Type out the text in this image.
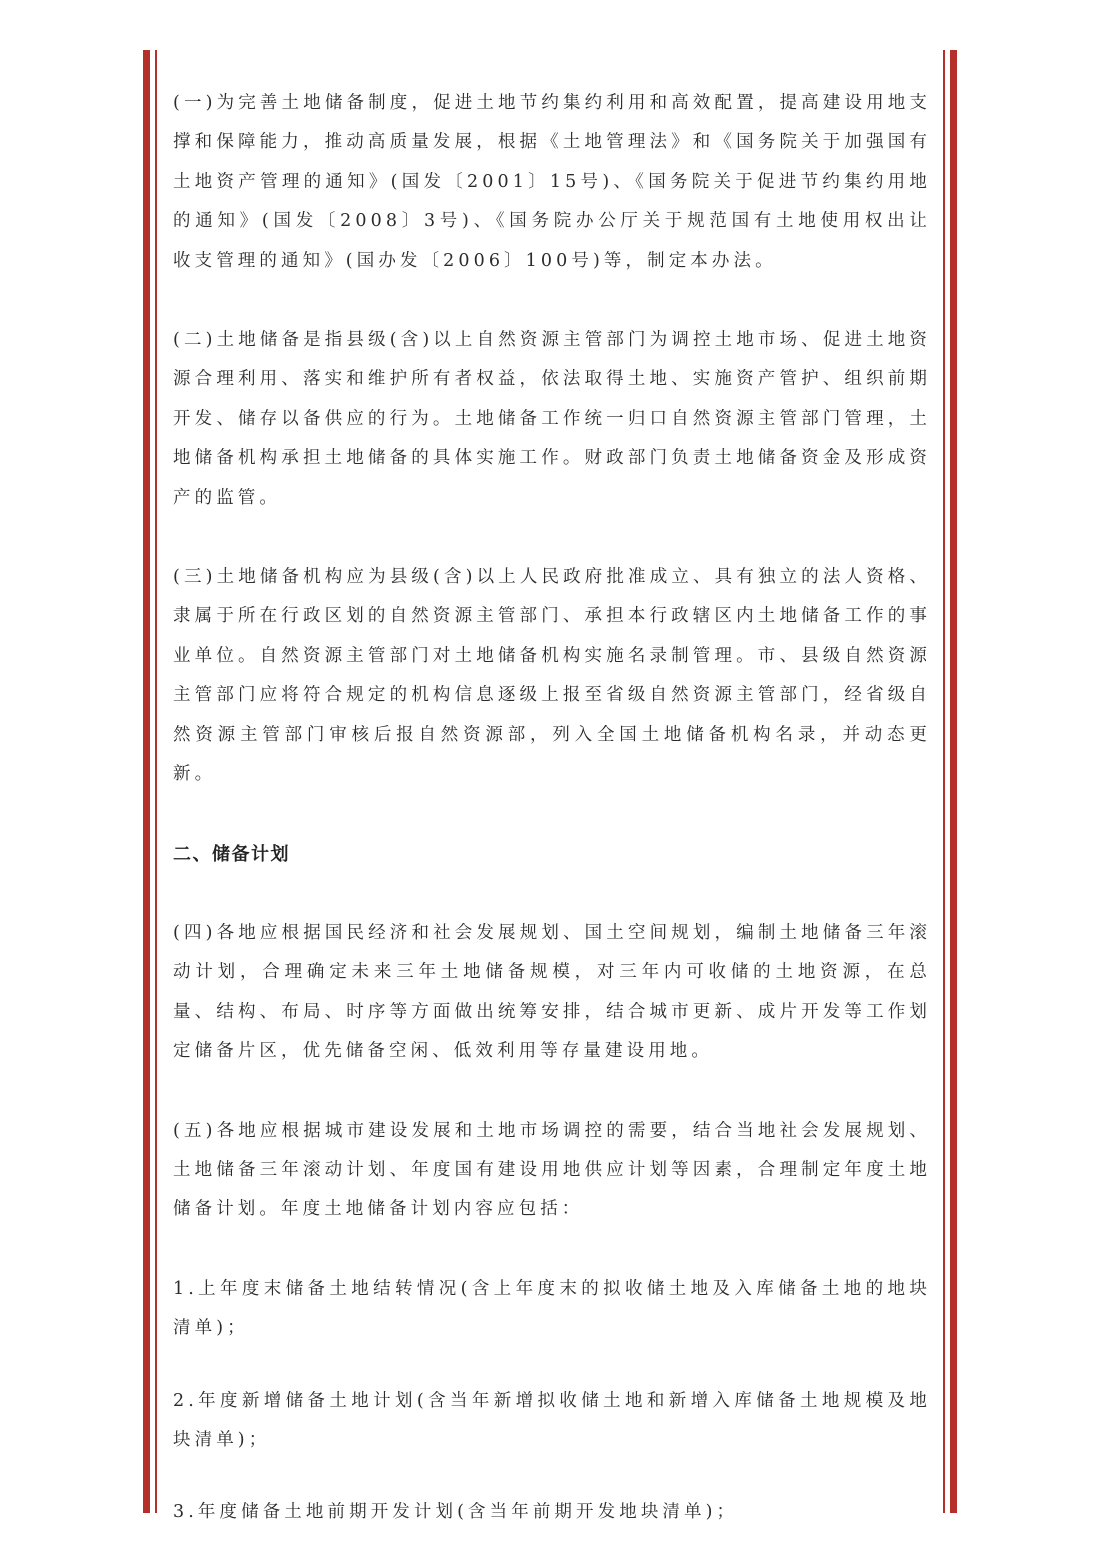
(一)为完善土地储备制度，促进土地节约集约利用和高效配置，提高建设用地支撑和保障能力，推动高质量发展，根据《土地管理法》和《国务院关于加强国有土地资产管理的通知》(国发〔2001〕15号)、《国务院关于促进节约集约用地的通知》(国发〔2008〕3号)、《国务院办公厅关于规范国有土地使用权出让收支管理的通知》(国办发〔2006〕100号)等，制定本办法。

(二)土地储备是指县级(含)以上自然资源主管部门为调控土地市场、促进土地资源合理利用、落实和维护所有者权益，依法取得土地、实施资产管护、组织前期开发、储存以备供应的行为。土地储备工作统一归口自然资源主管部门管理，土地储备机构承担土地储备的具体实施工作。财政部门负责土地储备资金及形成资产的监管。

(三)土地储备机构应为县级(含)以上人民政府批准成立、具有独立的法人资格、隶属于所在行政区划的自然资源主管部门、承担本行政辖区内土地储备工作的事业单位。自然资源主管部门对土地储备机构实施名录制管理。市、县级自然资源主管部门应将符合规定的机构信息逐级上报至省级自然资源主管部门，经省级自然资源主管部门审核后报自然资源部，列入全国土地储备机构名录，并动态更新。

二、储备计划

(四)各地应根据国民经济和社会发展规划、国土空间规划，编制土地储备三年滚动计划，合理确定未来三年土地储备规模，对三年内可收储的土地资源，在总量、结构、布局、时序等方面做出统筹安排，结合城市更新、成片开发等工作划定储备片区，优先储备空闲、低效利用等存量建设用地。

(五)各地应根据城市建设发展和土地市场调控的需要，结合当地社会发展规划、土地储备三年滚动计划、年度国有建设用地供应计划等因素，合理制定年度土地储备计划。年度土地储备计划内容应包括：

1.上年度末储备土地结转情况(含上年度末的拟收储土地及入库储备土地的地块清单)；

2.年度新增储备土地计划(含当年新增拟收储土地和新增入库储备土地规模及地块清单)；

3.年度储备土地前期开发计划(含当年前期开发地块清单)；
